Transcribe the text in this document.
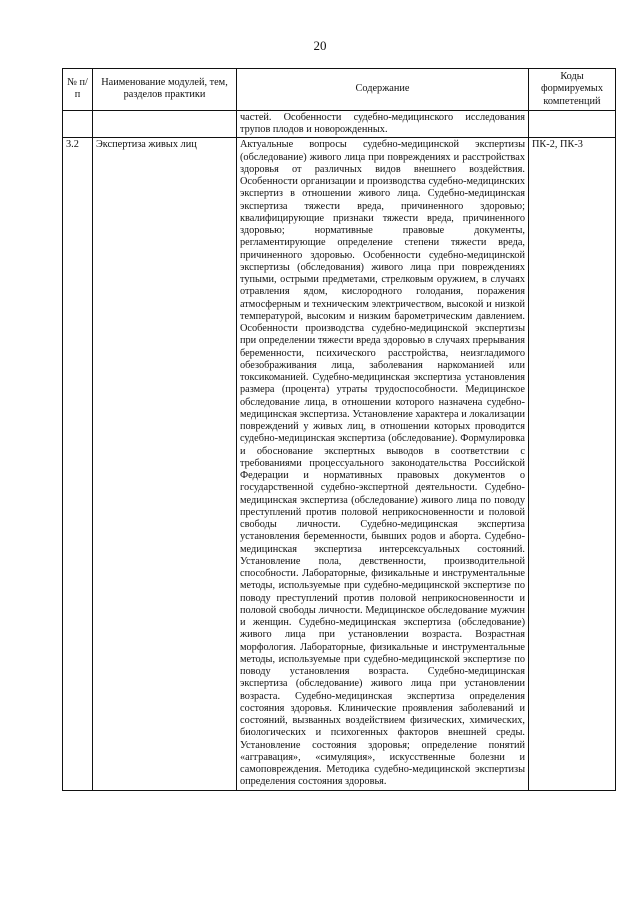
20
№ п/п	Наименование модулей, тем, разделов практики	Содержание	Коды формируемых компетенций
		частей. Особенности судебно-медицинского исследования трупов плодов и новорожденных.	
3.2	Экспертиза живых лиц	Актуальные вопросы судебно-медицинской экспертизы (обследование) живого лица при повреждениях и расстройствах здоровья от различных видов внешнего воздействия. Особенности организации и производства судебно-медицинских экспертиз в отношении живого лица. Судебно-медицинская экспертиза тяжести вреда, причиненного здоровью; квалифицирующие признаки тяжести вреда, причиненного здоровью; нормативные правовые документы, регламентирующие определение степени тяжести вреда, причиненного здоровью. Особенности судебно-медицинской экспертизы (обследования) живого лица при повреждениях тупыми, острыми предметами, стрелковым оружием, в случаях отравления ядом, кислородного голодания, поражения атмосферным и техническим электричеством, высокой и низкой температурой, высоким и низким барометрическим давлением. Особенности производства судебно-медицинской экспертизы при определении тяжести вреда здоровью в случаях прерывания беременности, психического расстройства, неизгладимого обезображивания лица, заболевания наркоманией или токсикоманией. Судебно-медицинская экспертиза установления размера (процента) утраты трудоспособности. Медицинское обследование лица, в отношении которого назначена судебно-медицинская экспертиза. Установление характера и локализации повреждений у живых лиц, в отношении которых проводится судебно-медицинская экспертиза (обследование). Формулировка и обоснование экспертных выводов в соответствии с требованиями процессуального законодательства Российской Федерации и нормативных правовых документов о государственной судебно-экспертной деятельности. Судебно-медицинская экспертиза (обследование) живого лица по поводу преступлений против половой неприкосновенности и половой свободы личности. Судебно-медицинская экспертиза установления беременности, бывших родов и аборта. Судебно-медицинская экспертиза интерсексуальных состояний. Установление пола, девственности, производительной способности. Лабораторные, физикальные и инструментальные методы, используемые при судебно-медицинской экспертизе по поводу преступлений против половой неприкосновенности и половой свободы личности. Медицинское обследование мужчин и женщин. Судебно-медицинская экспертиза (обследование) живого лица при установлении возраста. Возрастная морфология. Лабораторные, физикальные и инструментальные методы, используемые при судебно-медицинской экспертизе по поводу установления возраста. Судебно-медицинская экспертиза (обследование) живого лица при установлении возраста. Судебно-медицинская экспертиза определения состояния здоровья. Клинические проявления заболеваний и состояний, вызванных воздействием физических, химических, биологических и психогенных факторов внешней среды. Установление состояния здоровья; определение понятий «аггравация», «симуляция», искусственные болезни и самоповреждения. Методика судебно-медицинской экспертизы определения состояния здоровья.	ПК-2, ПК-3
